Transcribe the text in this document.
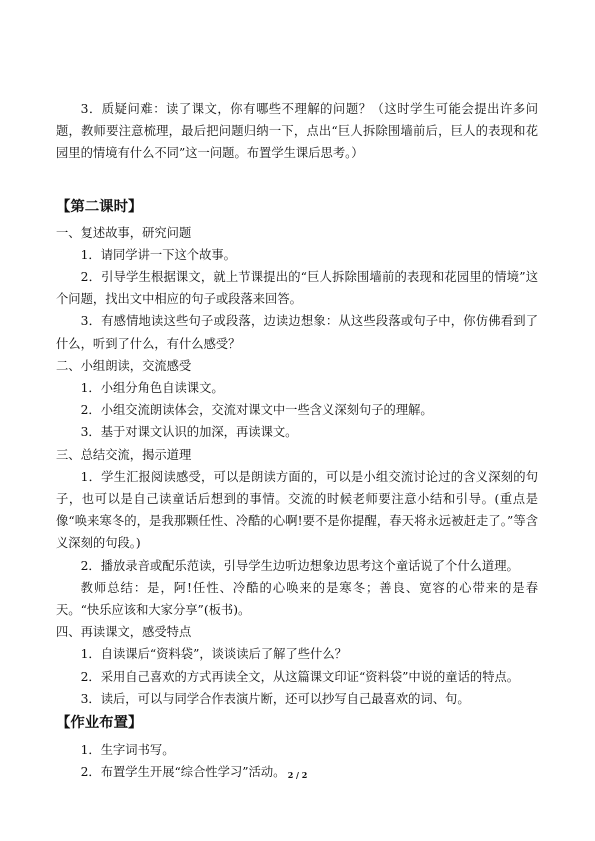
3．质疑问难：读了课文，你有哪些不理解的问题？（这时学生可能会提出许多问题，教师要注意梳理，最后把问题归纳一下，点出“巨人拆除围墙前后，巨人的表现和花园里的情境有什么不同”这一问题。布置学生课后思考。）

【第二课时】

一、复述故事，研究问题

1．请同学讲一下这个故事。

2．引导学生根据课文，就上节课提出的“巨人拆除围墙前的表现和花园里的情境”这个问题，找出文中相应的句子或段落来回答。

3．有感情地读这些句子或段落，边读边想象：从这些段落或句子中，你仿佛看到了什么，听到了什么，有什么感受？

二、小组朗读，交流感受

1．小组分角色自读课文。

2．小组交流朗读体会，交流对课文中一些含义深刻句子的理解。

3．基于对课文认识的加深，再读课文。

三、总结交流，揭示道理

1．学生汇报阅读感受，可以是朗读方面的，可以是小组交流讨论过的含义深刻的句子，也可以是自己读童话后想到的事情。交流的时候老师要注意小结和引导。(重点是像“唤来寒冬的，是我那颗任性、冷酷的心啊!要不是你提醒，春天将永远被赶走了。”等含义深刻的句段。)

2．播放录音或配乐范读，引导学生边听边想象边思考这个童话说了个什么道理。

教师总结：是，阿!任性、冷酷的心唤来的是寒冬；善良、宽容的心带来的是春天。“快乐应该和大家分享”(板书)。

四、再读课文，感受特点

1．自读课后“资料袋”，谈谈读后了解了些什么？

2．采用自己喜欢的方式再读全文，从这篇课文印证“资料袋”中说的童话的特点。

3．读后，可以与同学合作表演片断，还可以抄写自己最喜欢的词、句。

【作业布置】

1．生字词书写。

2．布置学生开展“综合性学习”活动。 2 / 2
